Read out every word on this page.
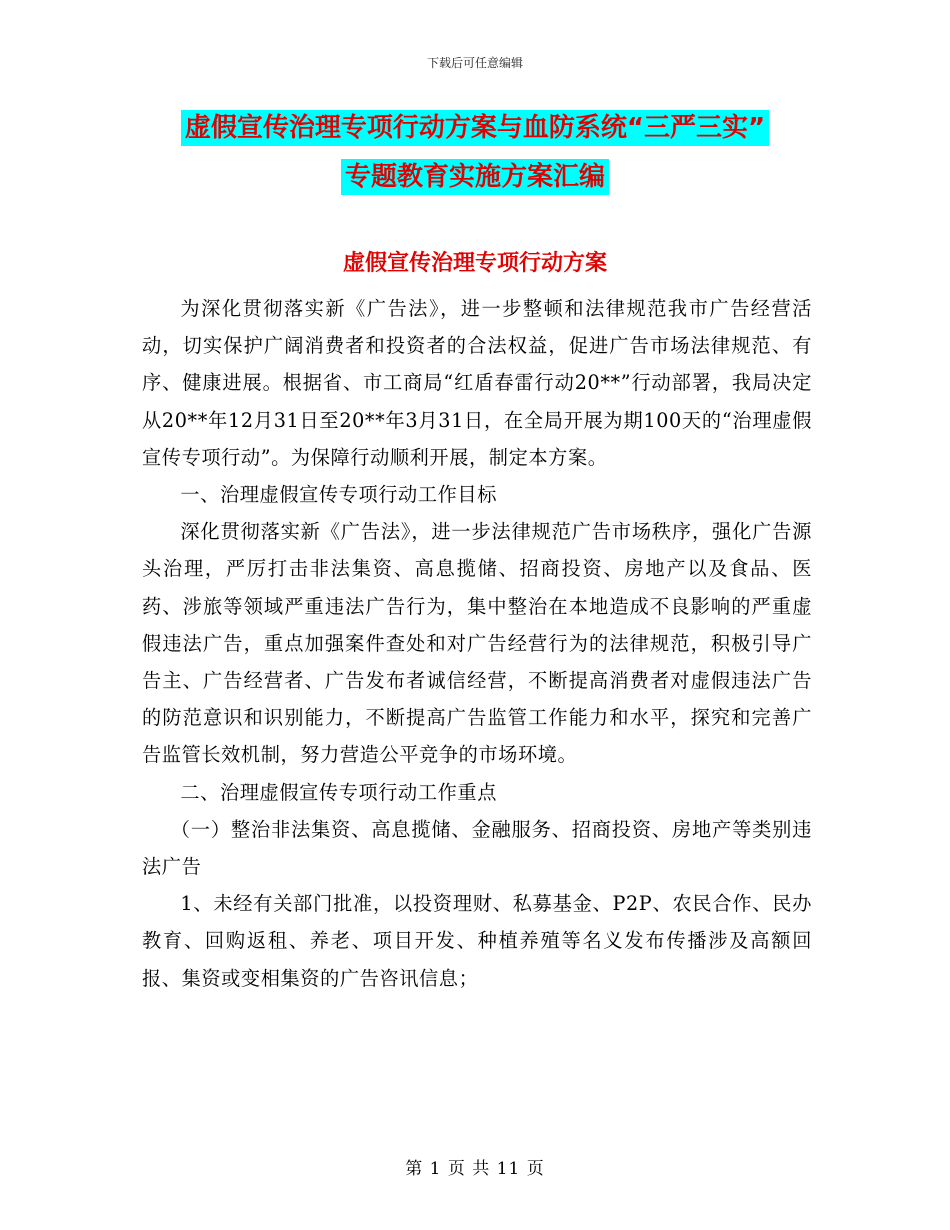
下载后可任意编辑
虚假宣传治理专项行动方案与血防系统“三严三实”
专题教育实施方案汇编
虚假宣传治理专项行动方案

为深化贯彻落实新《广告法》，进一步整顿和法律规范我市广告经营活动，切实保护广阔消费者和投资者的合法权益，促进广告市场法律规范、有序、健康进展。根据省、市工商局“红盾春雷行动20**”行动部署，我局决定从20**年12月31日至20**年3月31日，在全局开展为期100天的“治理虚假宣传专项行动”。为保障行动顺利开展，制定本方案。

一、治理虚假宣传专项行动工作目标

深化贯彻落实新《广告法》，进一步法律规范广告市场秩序，强化广告源头治理，严厉打击非法集资、高息揽储、招商投资、房地产以及食品、医药、涉旅等领域严重违法广告行为，集中整治在本地造成不良影响的严重虚假违法广告，重点加强案件查处和对广告经营行为的法律规范，积极引导广告主、广告经营者、广告发布者诚信经营，不断提高消费者对虚假违法广告的防范意识和识别能力，不断提高广告监管工作能力和水平，探究和完善广告监管长效机制，努力营造公平竞争的市场环境。

二、治理虚假宣传专项行动工作重点

（一）整治非法集资、高息揽储、金融服务、招商投资、房地产等类别违法广告

1、未经有关部门批准，以投资理财、私募基金、P2P、农民合作、民办教育、回购返租、养老、项目开发、种植养殖等名义发布传播涉及高额回报、集资或变相集资的广告咨讯信息；

第 1 页 共 11 页
